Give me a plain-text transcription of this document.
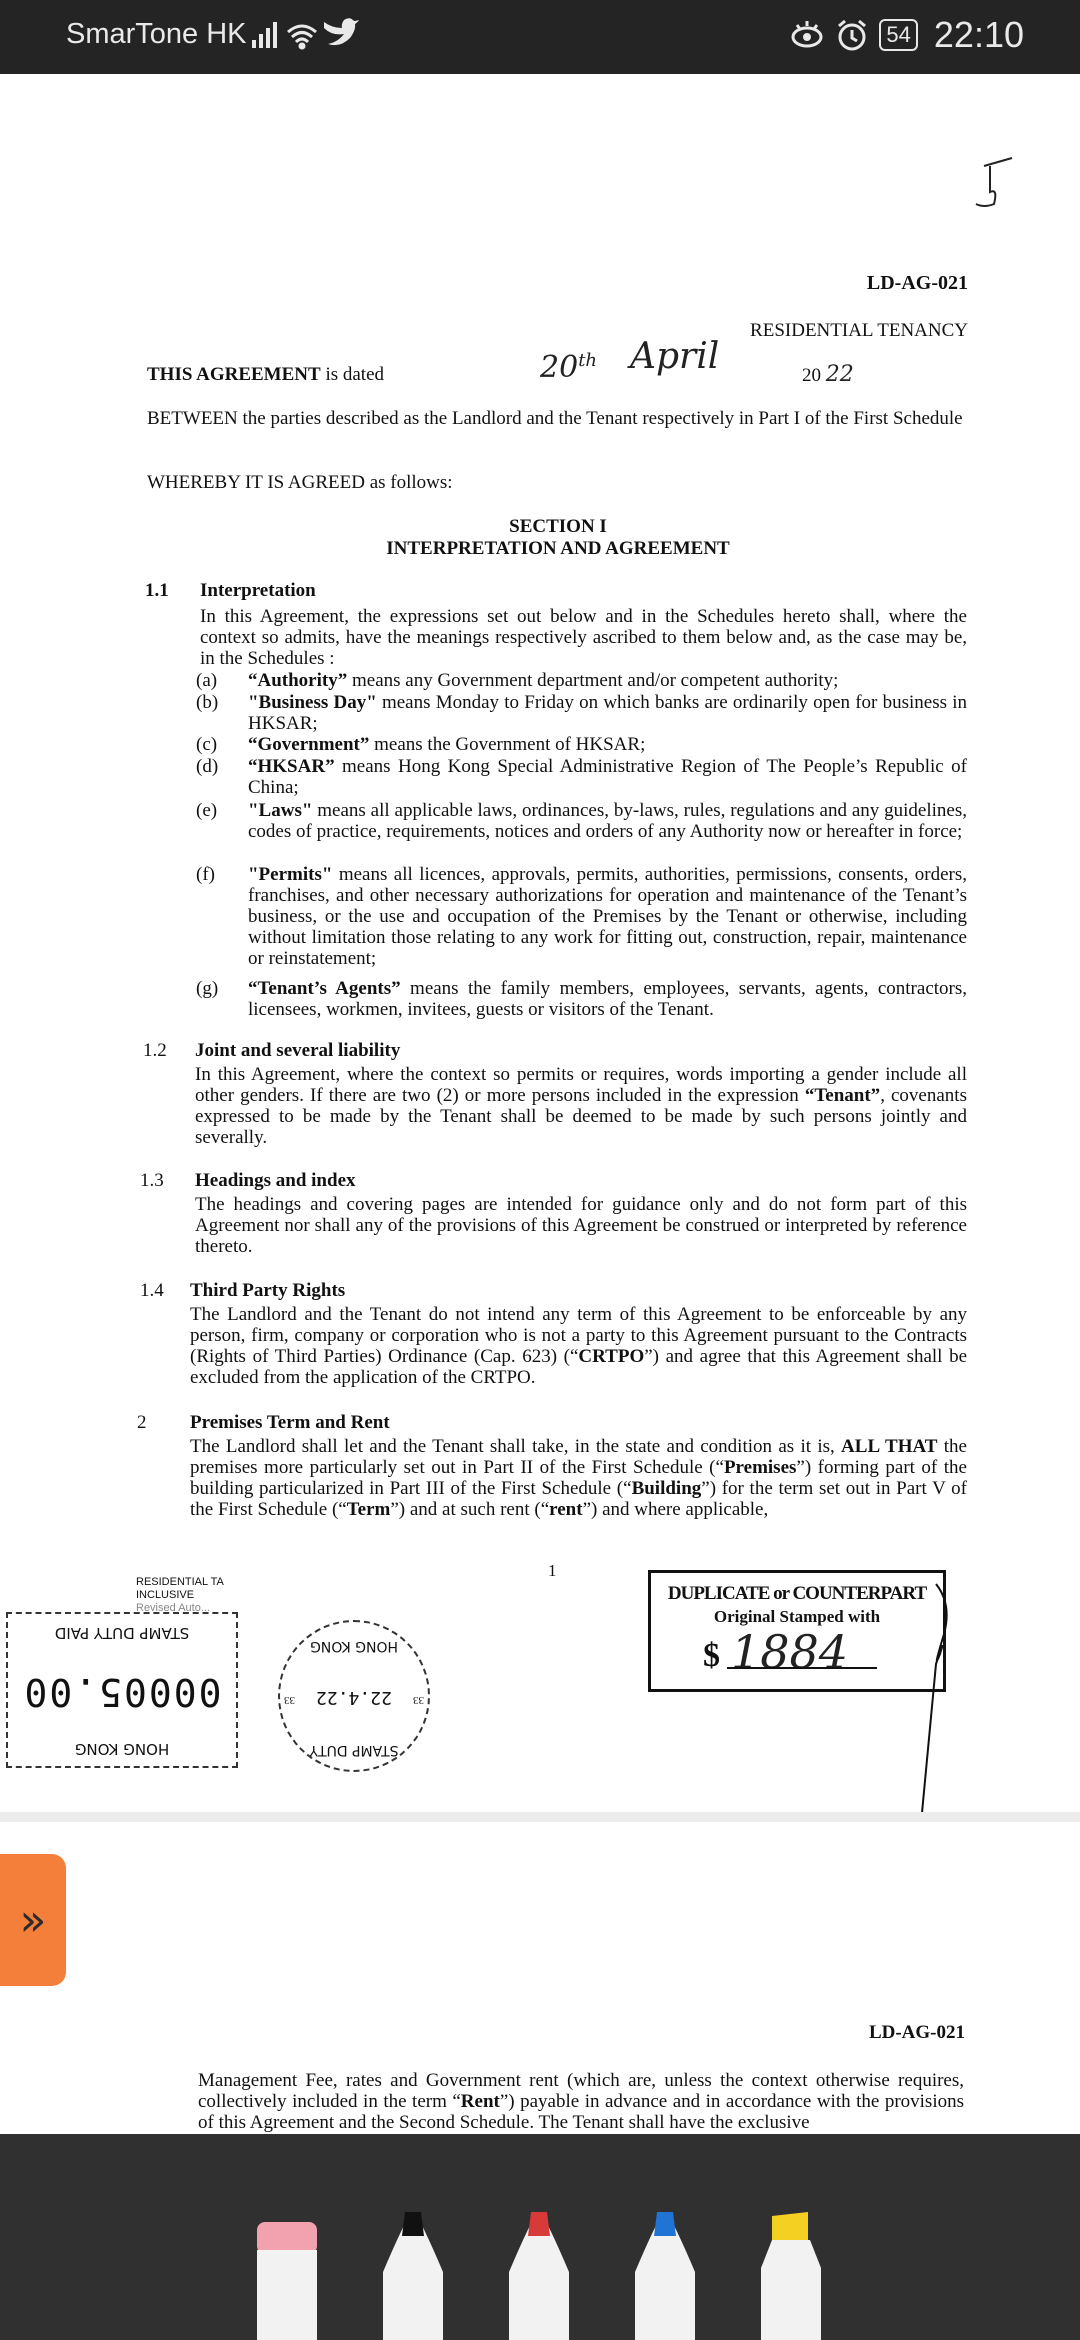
SmarTone HK	54 22:10
LD-AG-021
RESIDENTIAL TENANCY
THIS AGREEMENT is dated	20th April	20 22
BETWEEN the parties described as the Landlord and the Tenant respectively in Part I of the First Schedule
WHEREBY IT IS AGREED as follows:
SECTION I
INTERPRETATION AND AGREEMENT
1.1 Interpretation
In this Agreement, the expressions set out below and in the Schedules hereto shall, where the context so admits, have the meanings respectively ascribed to them below and, as the case may be, in the Schedules :
(a) “Authority” means any Government department and/or competent authority;
(b) "Business Day" means Monday to Friday on which banks are ordinarily open for business in HKSAR;
(c) “Government” means the Government of HKSAR;
(d) “HKSAR” means Hong Kong Special Administrative Region of The People’s Republic of China;
(e) "Laws" means all applicable laws, ordinances, by-laws, rules, regulations and any guidelines, codes of practice, requirements, notices and orders of any Authority now or hereafter in force;
(f) "Permits" means all licences, approvals, permits, authorities, permissions, consents, orders, franchises, and other necessary authorizations for operation and maintenance of the Tenant’s business, or the use and occupation of the Premises by the Tenant or otherwise, including without limitation those relating to any work for fitting out, construction, repair, maintenance or reinstatement;
(g) “Tenant’s Agents” means the family members, employees, servants, agents, contractors, licensees, workmen, invitees, guests or visitors of the Tenant.
1.2 Joint and several liability
In this Agreement, where the context so permits or requires, words importing a gender include all other genders. If there are two (2) or more persons included in the expression “Tenant”, covenants expressed to be made by the Tenant shall be deemed to be made by such persons jointly and severally.
1.3 Headings and index
The headings and covering pages are intended for guidance only and do not form part of this Agreement nor shall any of the provisions of this Agreement be construed or interpreted by reference thereto.
1.4 Third Party Rights
The Landlord and the Tenant do not intend any term of this Agreement to be enforceable by any person, firm, company or corporation who is not a party to this Agreement pursuant to the Contracts (Rights of Third Parties) Ordinance (Cap. 623) (“CRTPO”) and agree that this Agreement shall be excluded from the application of the CRTPO.
2 Premises Term and Rent
The Landlord shall let and the Tenant shall take, in the state and condition as it is, ALL THAT the premises more particularly set out in Part II of the First Schedule (“Premises”) forming part of the building particularized in Part III of the First Schedule (“Building”) for the term set out in Part V of the First Schedule (“Term”) and at such rent (“rent”) and where applicable,
1
RESIDENTIAL TA
INCLUSIVE
Revised Auto...
HONG KONG
00005.00
STAMP DUTY PAID
STAMP DUTY
22.4.22	33
33
HONG KONG
DUPLICATE or COUNTERPART
Original Stamped with
$ 1884
LD-AG-021
Management Fee, rates and Government rent (which are, unless the context otherwise requires, collectively included in the term “Rent”) payable in advance and in accordance with the provisions of this Agreement and the Second Schedule. The Tenant shall have the exclusive
»
